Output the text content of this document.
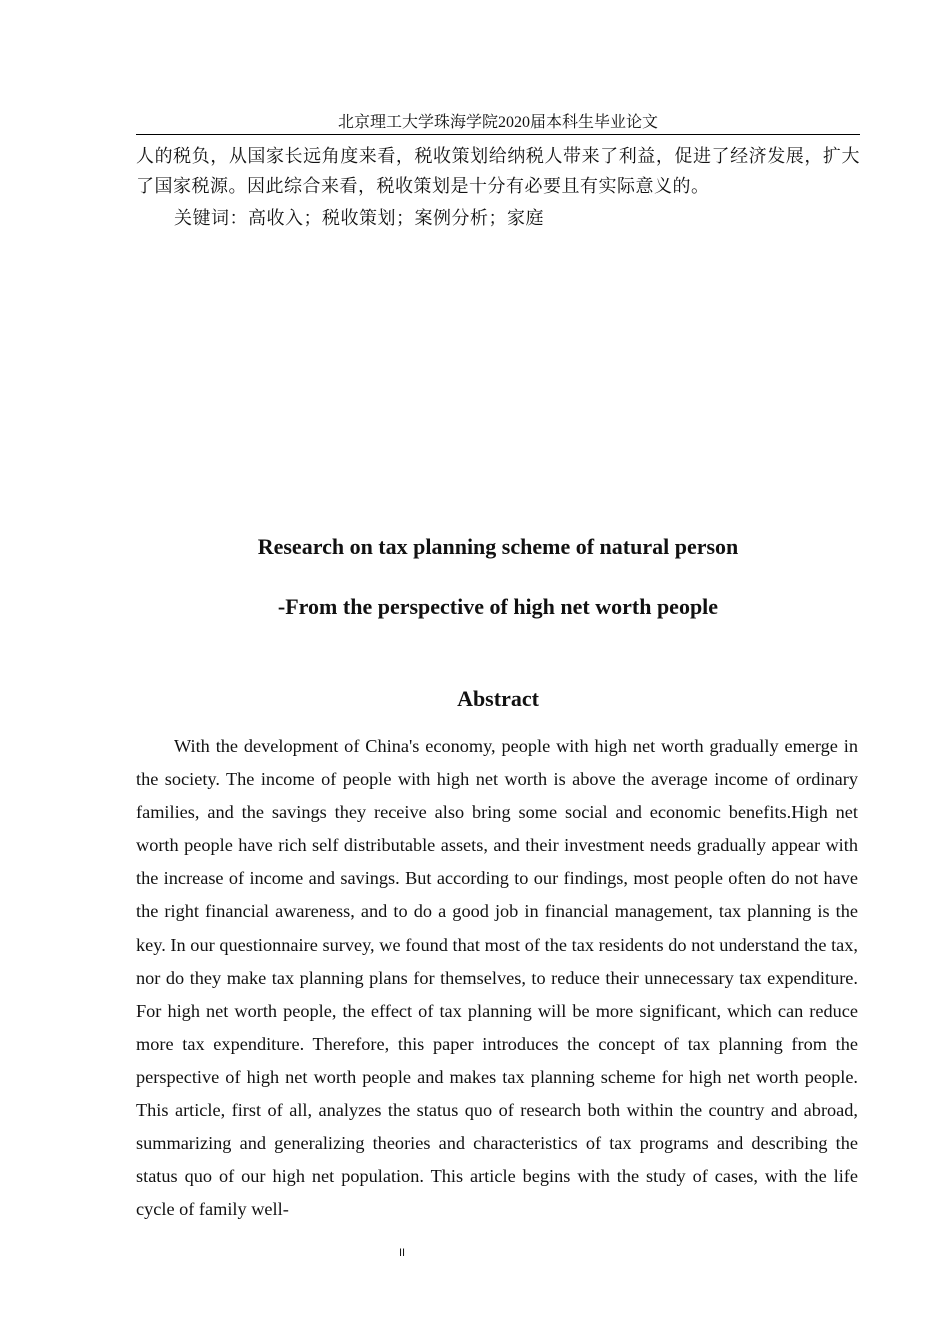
北京理工大学珠海学院2020届本科生毕业论文
人的税负，从国家长远角度来看，税收策划给纳税人带来了利益，促进了经济发展，扩大了国家税源。因此综合来看，税收策划是十分有必要且有实际意义的。
关键词：高收入；税收策划；案例分析；家庭
Research on tax planning scheme of natural person
-From the perspective of high net worth people
Abstract

With the development of China's economy, people with high net worth gradually emerge in the society. The income of people with high net worth is above the average income of ordinary families, and the savings they receive also bring some social and economic benefits.High net worth people have rich self distributable assets, and their investment needs gradually appear with the increase of income and savings. But according to our findings, most people often do not have the right financial awareness, and to do a good job in financial management, tax planning is the key. In our questionnaire survey, we found that most of the tax residents do not understand the tax, nor do they make tax planning plans for themselves, to reduce their unnecessary tax expenditure. For high net worth people, the effect of tax planning will be more significant, which can reduce more tax expenditure. Therefore, this paper introduces the concept of tax planning from the perspective of high net worth people and makes tax planning scheme for high net worth people. This article, first of all, analyzes the status quo of research both within the country and abroad, summarizing and generalizing theories and characteristics of tax programs and describing the status quo of our high net population. This article begins with the study of cases, with the life cycle of family well-

II
